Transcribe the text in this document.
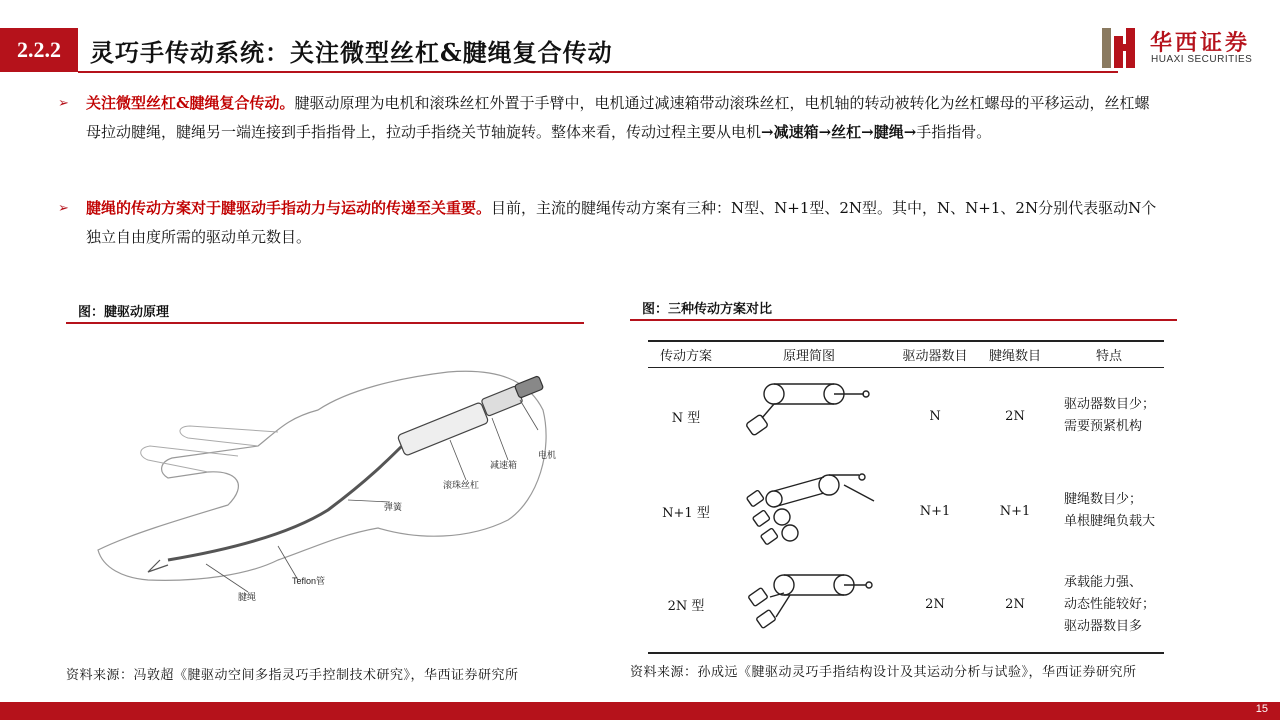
2.2.2	灵巧手传动系统：关注微型丝杠&腱绳复合传动	华西证券
HUAXI SECURITIES
➢ 关注微型丝杠&腱绳复合传动。腱驱动原理为电机和滚珠丝杠外置于手臂中，电机通过减速箱带动滚珠丝杠，电机轴的转动被转化为丝杠螺母的平移运动，丝杠螺母拉动腱绳，腱绳另一端连接到手指指骨上，拉动手指绕关节轴旋转。整体来看，传动过程主要从电机→减速箱→丝杠→腱绳→手指指骨。
➢ 腱绳的传动方案对于腱驱动手指动力与运动的传递至关重要。目前，主流的腱绳传动方案有三种：N型、N+1型、2N型。其中，N、N+1、2N分别代表驱动N个独立自由度所需的驱动单元数目。
图：腱驱动原理
电机
减速箱
滚珠丝杠
弹簧
Teflon管
腱绳
资料来源：冯敦超《腱驱动空间多指灵巧手控制技术研究》，华西证券研究所
图：三种传动方案对比
传动方案	原理简图	驱动器数目	腱绳数目	特点
N 型		N	2N	驱动器数目少；
需要预紧机构

N+1 型		N+1	N+1	腱绳数目少；
单根腱绳负载大

2N 型		2N	2N	承载能力强、
动态性能较好；
驱动器数目多
资料来源：孙成远《腱驱动灵巧手指结构设计及其运动分析与试验》，华西证券研究所
15
